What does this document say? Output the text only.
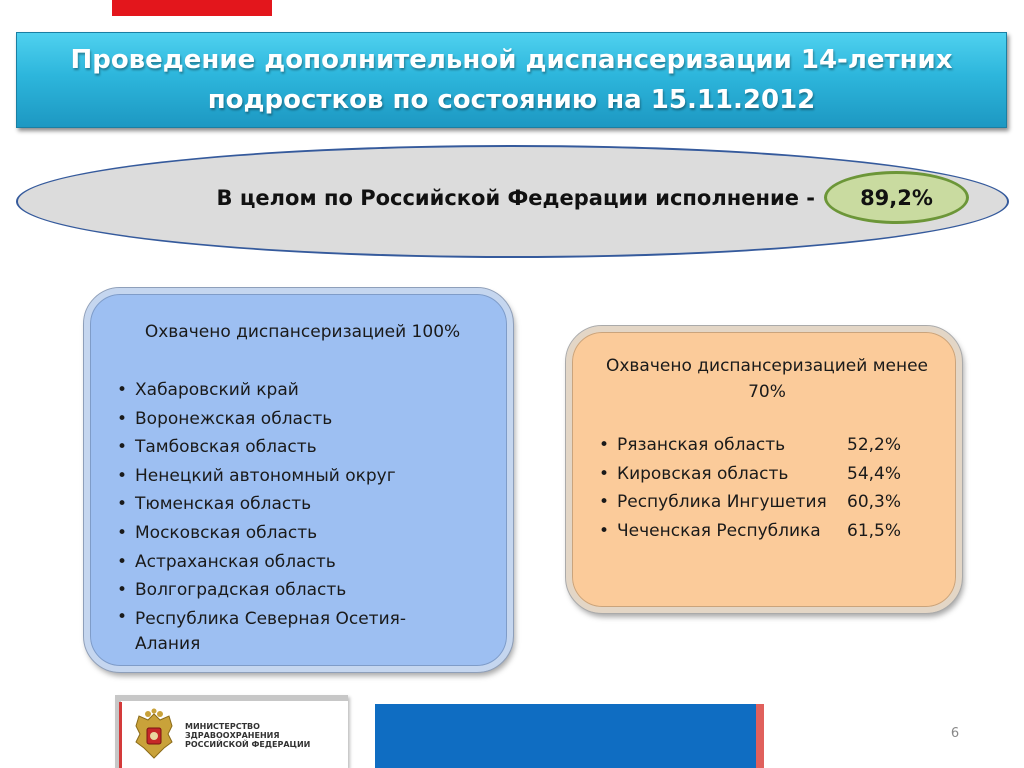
Проведение дополнительной диспансеризации 14-летних подростков по состоянию на 15.11.2012
В целом по Российской Федерации исполнение -	89,2%
Охвачено диспансеризацией 100%
• Хабаровский край
• Воронежская область
• Тамбовская область
• Ненецкий автономный округ
• Тюменская область
• Московская область
• Астраханская область
• Волгоградская область
• Республика Северная Осетия-Алания
Охвачено диспансеризацией менее 70%
• Рязанская область	52,2%
• Кировская область	54,4%
• Республика Ингушетия	60,3%
• Чеченская Республика	61,5%
МИНИСТЕРСТВО
ЗДРАВООХРАНЕНИЯ
РОССИЙСКОЙ ФЕДЕРАЦИИ
6
